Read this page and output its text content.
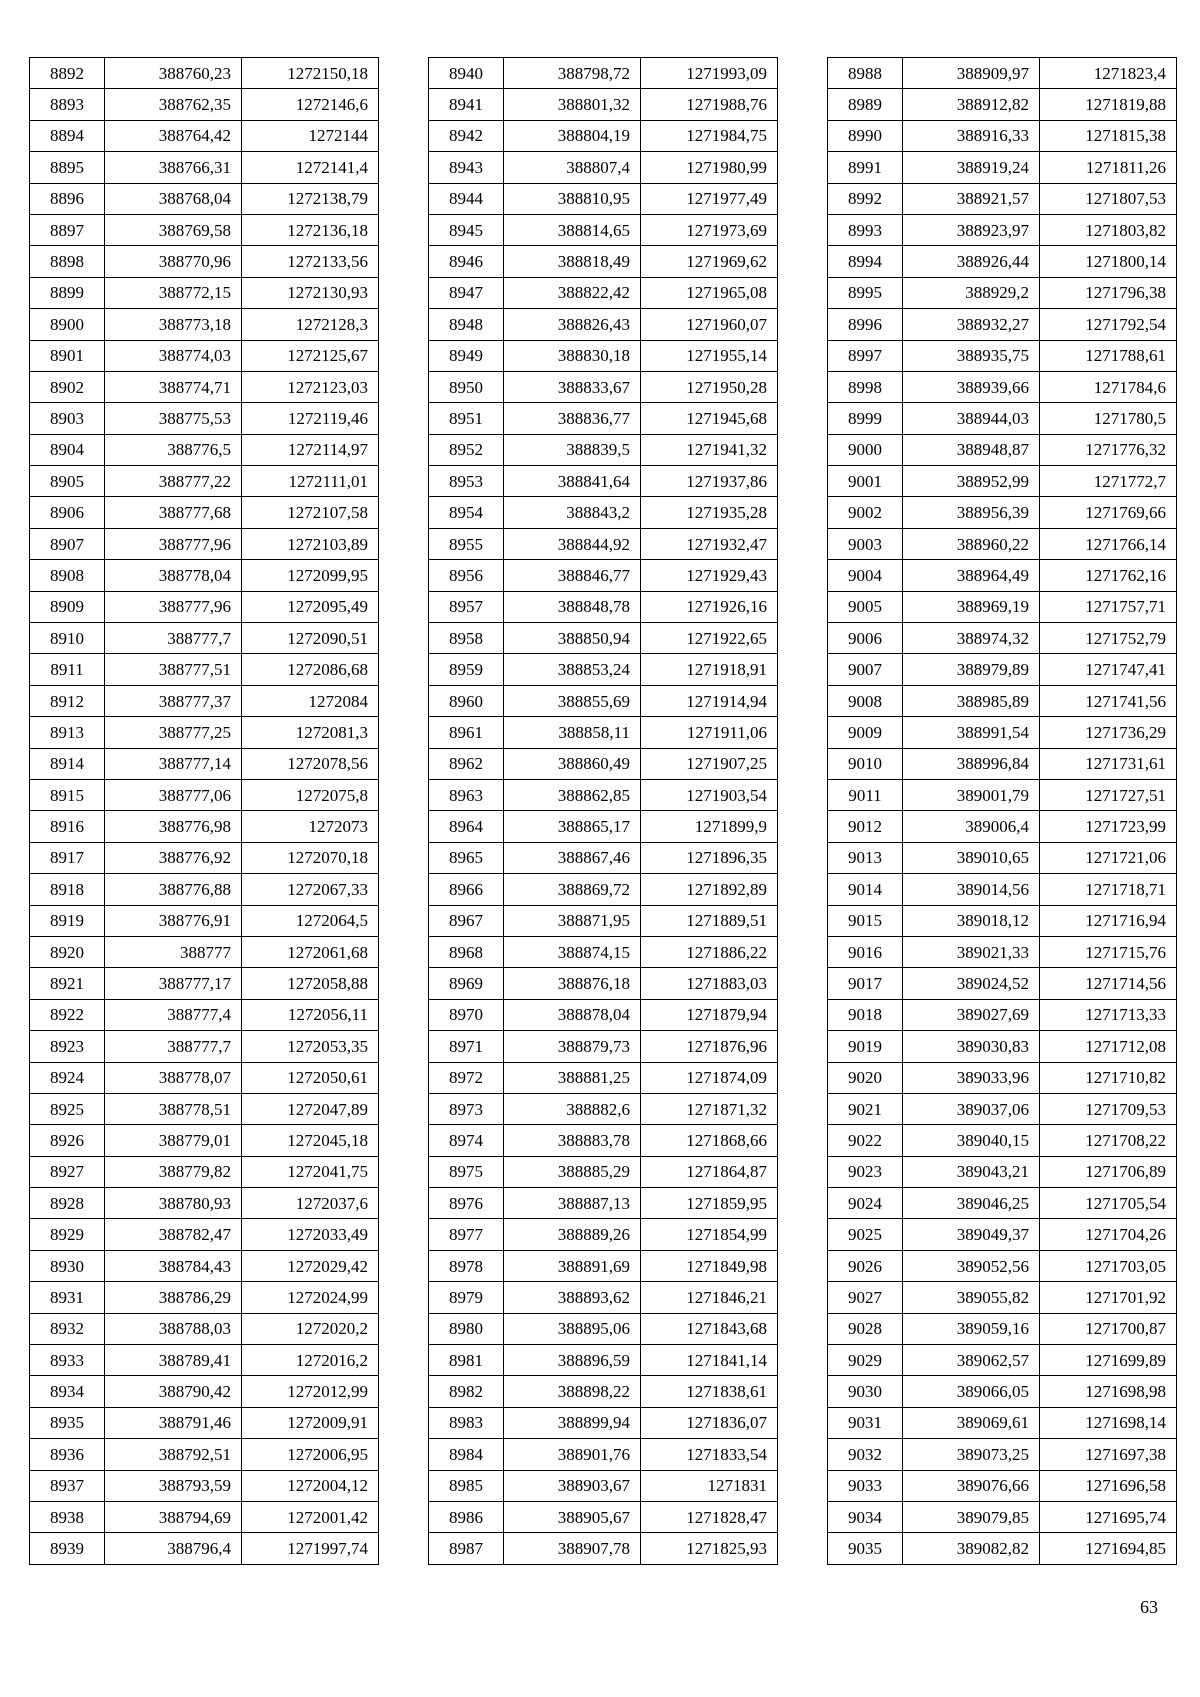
8892	388760,23	1272150,18
8893	388762,35	1272146,6
8894	388764,42	1272144
8895	388766,31	1272141,4
8896	388768,04	1272138,79
8897	388769,58	1272136,18
8898	388770,96	1272133,56
8899	388772,15	1272130,93
8900	388773,18	1272128,3
8901	388774,03	1272125,67
8902	388774,71	1272123,03
8903	388775,53	1272119,46
8904	388776,5	1272114,97
8905	388777,22	1272111,01
8906	388777,68	1272107,58
8907	388777,96	1272103,89
8908	388778,04	1272099,95
8909	388777,96	1272095,49
8910	388777,7	1272090,51
8911	388777,51	1272086,68
8912	388777,37	1272084
8913	388777,25	1272081,3
8914	388777,14	1272078,56
8915	388777,06	1272075,8
8916	388776,98	1272073
8917	388776,92	1272070,18
8918	388776,88	1272067,33
8919	388776,91	1272064,5
8920	388777	1272061,68
8921	388777,17	1272058,88
8922	388777,4	1272056,11
8923	388777,7	1272053,35
8924	388778,07	1272050,61
8925	388778,51	1272047,89
8926	388779,01	1272045,18
8927	388779,82	1272041,75
8928	388780,93	1272037,6
8929	388782,47	1272033,49
8930	388784,43	1272029,42
8931	388786,29	1272024,99
8932	388788,03	1272020,2
8933	388789,41	1272016,2
8934	388790,42	1272012,99
8935	388791,46	1272009,91
8936	388792,51	1272006,95
8937	388793,59	1272004,12
8938	388794,69	1272001,42
8939	388796,4	1271997,74
8940	388798,72	1271993,09
8941	388801,32	1271988,76
8942	388804,19	1271984,75
8943	388807,4	1271980,99
8944	388810,95	1271977,49
8945	388814,65	1271973,69
8946	388818,49	1271969,62
8947	388822,42	1271965,08
8948	388826,43	1271960,07
8949	388830,18	1271955,14
8950	388833,67	1271950,28
8951	388836,77	1271945,68
8952	388839,5	1271941,32
8953	388841,64	1271937,86
8954	388843,2	1271935,28
8955	388844,92	1271932,47
8956	388846,77	1271929,43
8957	388848,78	1271926,16
8958	388850,94	1271922,65
8959	388853,24	1271918,91
8960	388855,69	1271914,94
8961	388858,11	1271911,06
8962	388860,49	1271907,25
8963	388862,85	1271903,54
8964	388865,17	1271899,9
8965	388867,46	1271896,35
8966	388869,72	1271892,89
8967	388871,95	1271889,51
8968	388874,15	1271886,22
8969	388876,18	1271883,03
8970	388878,04	1271879,94
8971	388879,73	1271876,96
8972	388881,25	1271874,09
8973	388882,6	1271871,32
8974	388883,78	1271868,66
8975	388885,29	1271864,87
8976	388887,13	1271859,95
8977	388889,26	1271854,99
8978	388891,69	1271849,98
8979	388893,62	1271846,21
8980	388895,06	1271843,68
8981	388896,59	1271841,14
8982	388898,22	1271838,61
8983	388899,94	1271836,07
8984	388901,76	1271833,54
8985	388903,67	1271831
8986	388905,67	1271828,47
8987	388907,78	1271825,93
8988	388909,97	1271823,4
8989	388912,82	1271819,88
8990	388916,33	1271815,38
8991	388919,24	1271811,26
8992	388921,57	1271807,53
8993	388923,97	1271803,82
8994	388926,44	1271800,14
8995	388929,2	1271796,38
8996	388932,27	1271792,54
8997	388935,75	1271788,61
8998	388939,66	1271784,6
8999	388944,03	1271780,5
9000	388948,87	1271776,32
9001	388952,99	1271772,7
9002	388956,39	1271769,66
9003	388960,22	1271766,14
9004	388964,49	1271762,16
9005	388969,19	1271757,71
9006	388974,32	1271752,79
9007	388979,89	1271747,41
9008	388985,89	1271741,56
9009	388991,54	1271736,29
9010	388996,84	1271731,61
9011	389001,79	1271727,51
9012	389006,4	1271723,99
9013	389010,65	1271721,06
9014	389014,56	1271718,71
9015	389018,12	1271716,94
9016	389021,33	1271715,76
9017	389024,52	1271714,56
9018	389027,69	1271713,33
9019	389030,83	1271712,08
9020	389033,96	1271710,82
9021	389037,06	1271709,53
9022	389040,15	1271708,22
9023	389043,21	1271706,89
9024	389046,25	1271705,54
9025	389049,37	1271704,26
9026	389052,56	1271703,05
9027	389055,82	1271701,92
9028	389059,16	1271700,87
9029	389062,57	1271699,89
9030	389066,05	1271698,98
9031	389069,61	1271698,14
9032	389073,25	1271697,38
9033	389076,66	1271696,58
9034	389079,85	1271695,74
9035	389082,82	1271694,85
63
